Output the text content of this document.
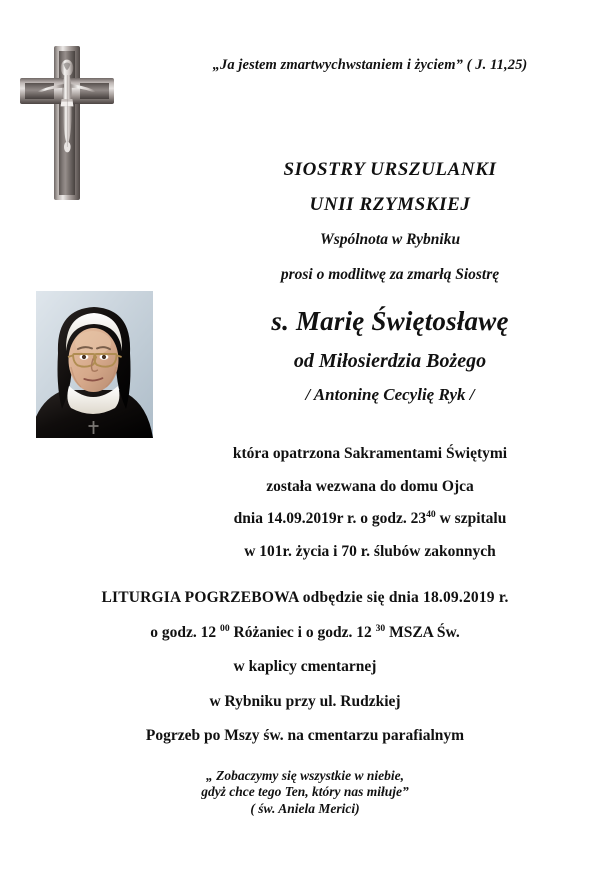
„Ja jestem zmartwychwstaniem i życiem” ( J. 11,25)
SIOSTRY URSZULANKI
UNII RZYMSKIEJ
Wspólnota w Rybniku
prosi o modlitwę za zmarłą Siostrę
s. Marię Świętosławę
od Miłosierdzia Bożego
/ Antoninę Cecylię Ryk /
która opatrzona Sakramentami Świętymi
została wezwana do domu Ojca
dnia 14.09.2019r r. o godz. $23^{40}$ w szpitalu
w 101r. życia i 70 r. ślubów zakonnych
LITURGIA POGRZEBOWA odbędzie się dnia 18.09.2019 r.
o godz. 12 $^{00}$ Różaniec i o godz. 12 $^{30}$ MSZA Św.
w kaplicy cmentarnej
w Rybniku przy ul. Rudzkiej
Pogrzeb po Mszy św. na cmentarzu parafialnym
„ Zobaczymy się wszystkie w niebie,
gdyż chce tego Ten, który nas miłuje”
( św. Aniela Merici)
